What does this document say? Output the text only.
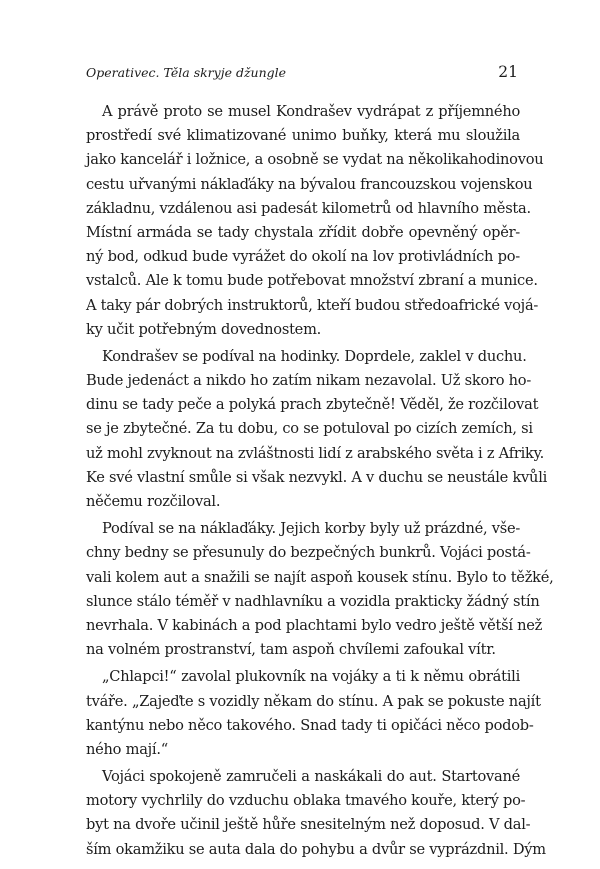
Operativec. Těla skryje džungle	21

A právě proto se musel Kondrašev vydrápat z příjemného
prostředí své klimatizované unimo buňky, která mu sloužila
jako kancelář i ložnice, a osobně se vydat na několikahodinovou
cestu uřvanými náklaďáky na bývalou francouzskou vojenskou
základnu, vzdálenou asi padesát kilometrů od hlavního města.
Místní armáda se tady chystala zřídit dobře opevněný opěr-
ný bod, odkud bude vyrážet do okolí na lov protivládních po-
vstalců. Ale k tomu bude potřebovat množství zbraní a munice.
A taky pár dobrých instruktorů, kteří budou středoafrické vojá-
ky učit potřebným dovednostem.

Kondrašev se podíval na hodinky. Doprdele, zaklel v duchu.
Bude jedenáct a nikdo ho zatím nikam nezavolal. Už skoro ho-
dinu se tady peče a polyká prach zbytečně! Věděl, že rozčilovat
se je zbytečné. Za tu dobu, co se potuloval po cizích zemích, si
už mohl zvyknout na zvláštnosti lidí z arabského světa i z Afriky.
Ke své vlastní smůle si však nezvykl. A v duchu se neustále kvůli
něčemu rozčiloval.

Podíval se na náklaďáky. Jejich korby byly už prázdné, vše-
chny bedny se přesunuly do bezpečných bunkrů. Vojáci postá-
vali kolem aut a snažili se najít aspoň kousek stínu. Bylo to těžké,
slunce stálo téměř v nadhlavníku a vozidla prakticky žádný stín
nevrhala. V kabinách a pod plachtami bylo vedro ještě větší než
na volném prostranství, tam aspoň chvílemi zafoukal vítr.

„Chlapci!“ zavolal plukovník na vojáky a ti k němu obrátili
tváře. „Zajeďte s vozidly někam do stínu. A pak se pokuste najít
kantýnu nebo něco takového. Snad tady ti opičáci něco podob-
ného mají.“

Vojáci spokojeně zamručeli a naskákali do aut. Startované
motory vychrlily do vzduchu oblaka tmavého kouře, který po-
byt na dvoře učinil ještě hůře snesitelným než doposud. V dal-
ším okamžiku se auta dala do pohybu a dvůr se vyprázdnil. Dým
